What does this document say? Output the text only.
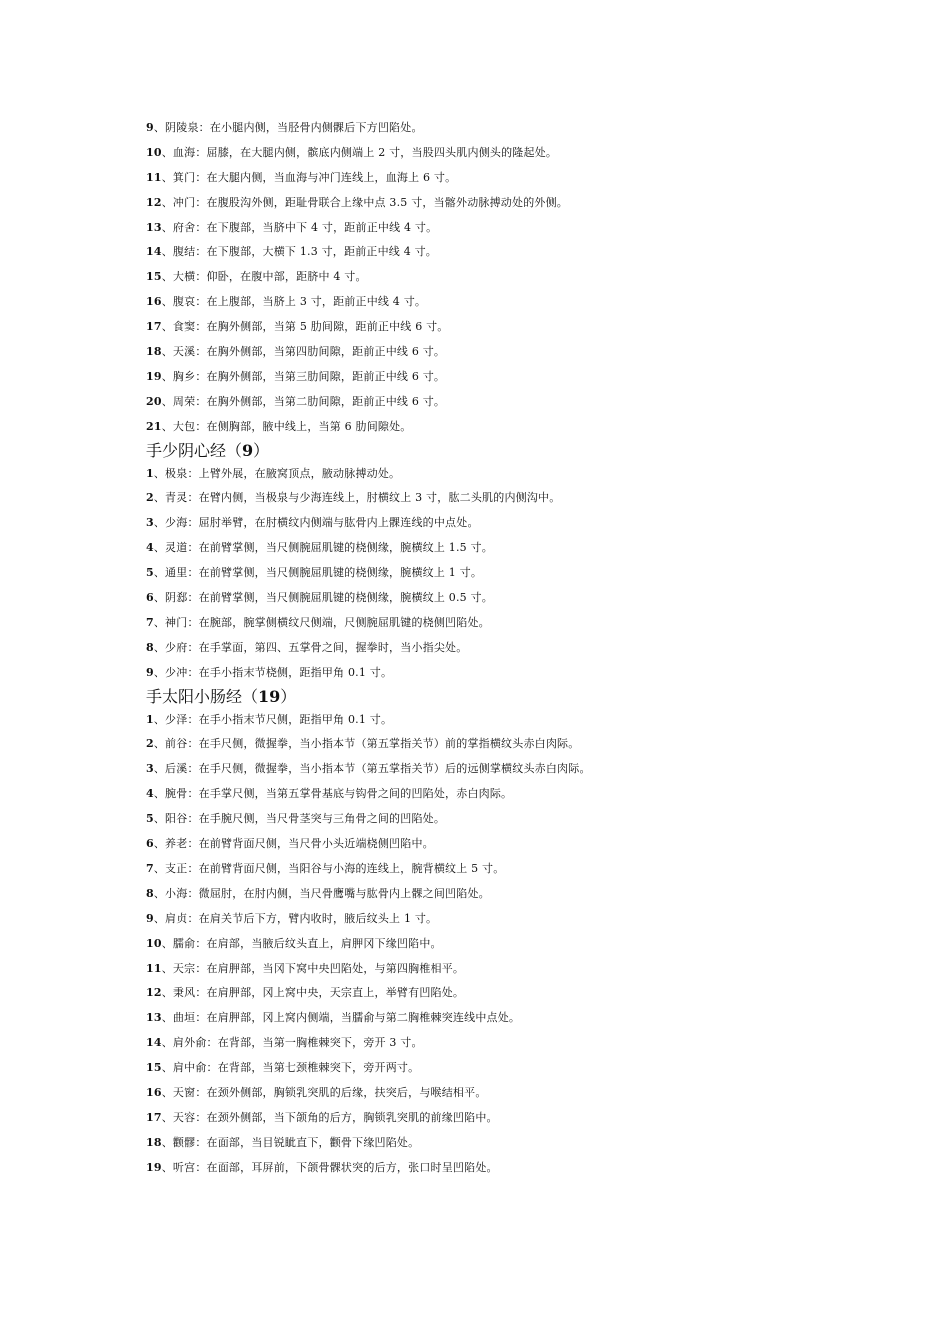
9、阴陵泉：在小腿内侧，当胫骨内侧髁后下方凹陷处。
10、血海：屈膝，在大腿内侧，髌底内侧端上 2 寸，当股四头肌内侧头的隆起处。
11、箕门：在大腿内侧，当血海与冲门连线上，血海上 6 寸。
12、冲门：在腹股沟外侧，距耻骨联合上缘中点 3.5 寸，当髂外动脉搏动处的外侧。
13、府舍：在下腹部，当脐中下 4 寸，距前正中线 4 寸。
14、腹结：在下腹部，大横下 1.3 寸，距前正中线 4 寸。
15、大横：仰卧，在腹中部，距脐中 4 寸。
16、腹哀：在上腹部，当脐上 3 寸，距前正中线 4 寸。
17、食窦：在胸外侧部，当第 5 肋间隙，距前正中线 6 寸。
18、天溪：在胸外侧部，当第四肋间隙，距前正中线 6 寸。
19、胸乡：在胸外侧部，当第三肋间隙，距前正中线 6 寸。
20、周荣：在胸外侧部，当第二肋间隙，距前正中线 6 寸。
21、大包：在侧胸部，腋中线上，当第 6 肋间隙处。
手少阴心经（9）
1、极泉：上臂外展，在腋窝顶点，腋动脉搏动处。
2、青灵：在臂内侧，当极泉与少海连线上，肘横纹上 3 寸，肱二头肌的内侧沟中。
3、少海：屈肘举臂，在肘横纹内侧端与肱骨内上髁连线的中点处。
4、灵道：在前臂掌侧，当尺侧腕屈肌键的桡侧缘，腕横纹上 1.5 寸。
5、通里：在前臂掌侧，当尺侧腕屈肌键的桡侧缘，腕横纹上 1 寸。
6、阴郄：在前臂掌侧，当尺侧腕屈肌键的桡侧缘，腕横纹上 0.5 寸。
7、神门：在腕部，腕掌侧横纹尺侧端，尺侧腕屈肌键的桡侧凹陷处。
8、少府：在手掌面，第四、五掌骨之间，握拳时，当小指尖处。
9、少冲：在手小指末节桡侧，距指甲角 0.1 寸。
手太阳小肠经（19）
1、少泽：在手小指末节尺侧，距指甲角 0.1 寸。
2、前谷：在手尺侧，微握拳，当小指本节（第五掌指关节）前的掌指横纹头赤白肉际。
3、后溪：在手尺侧，微握拳，当小指本节（第五掌指关节）后的远侧掌横纹头赤白肉际。
4、腕骨：在手掌尺侧，当第五掌骨基底与钩骨之间的凹陷处，赤白肉际。
5、阳谷：在手腕尺侧，当尺骨茎突与三角骨之间的凹陷处。
6、养老：在前臂背面尺侧，当尺骨小头近端桡侧凹陷中。
7、支正：在前臂背面尺侧，当阳谷与小海的连线上，腕背横纹上 5 寸。
8、小海：微屈肘，在肘内侧，当尺骨鹰嘴与肱骨内上髁之间凹陷处。
9、肩贞：在肩关节后下方，臂内收时，腋后纹头上 1 寸。
10、臑俞：在肩部，当腋后纹头直上，肩胛冈下缘凹陷中。
11、天宗：在肩胛部，当冈下窝中央凹陷处，与第四胸椎相平。
12、秉风：在肩胛部，冈上窝中央，天宗直上，举臂有凹陷处。
13、曲垣：在肩胛部，冈上窝内侧端，当臑俞与第二胸椎棘突连线中点处。
14、肩外俞：在背部，当第一胸椎棘突下，旁开 3 寸。
15、肩中俞：在背部，当第七颈椎棘突下，旁开两寸。
16、天窗：在颈外侧部，胸锁乳突肌的后缘，扶突后，与喉结相平。
17、天容：在颈外侧部，当下颌角的后方，胸锁乳突肌的前缘凹陷中。
18、颧髎：在面部，当目锐眦直下，颧骨下缘凹陷处。
19、听宫：在面部，耳屏前，下颌骨髁状突的后方，张口时呈凹陷处。
